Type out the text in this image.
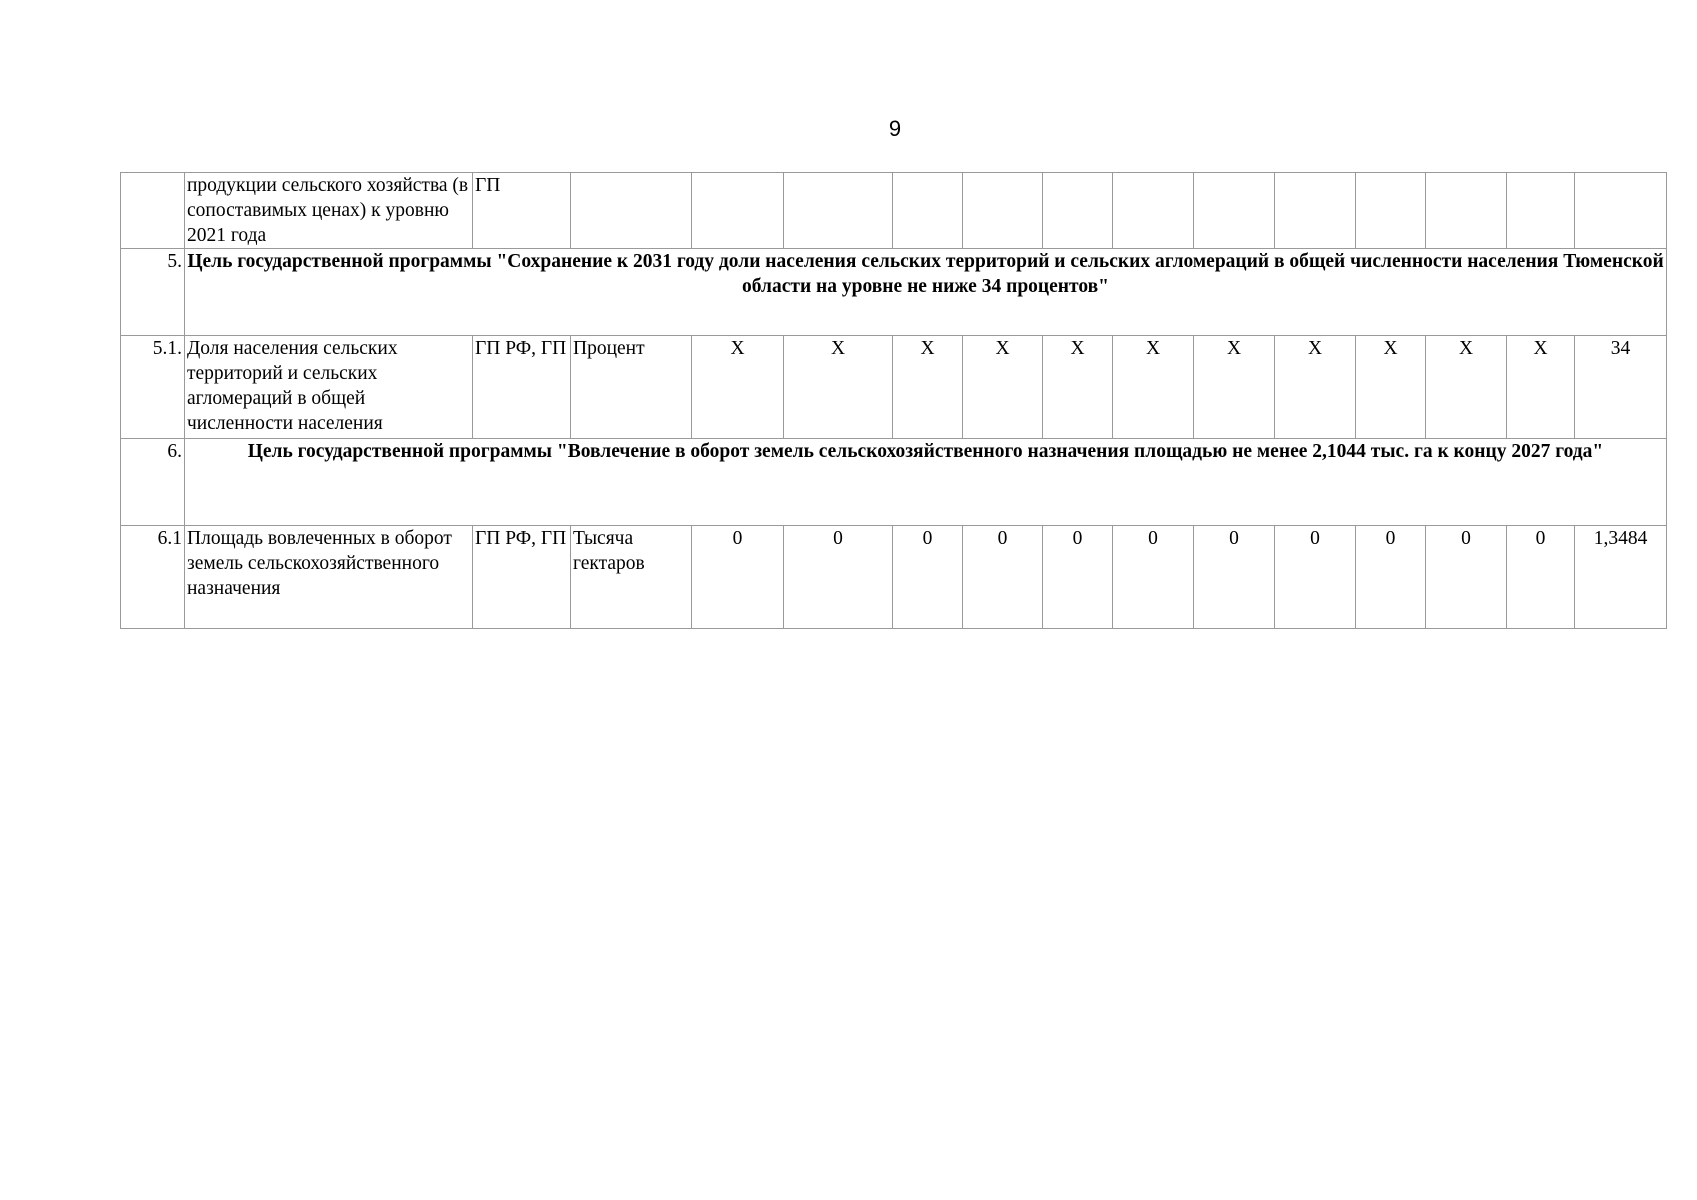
9
	продукции сельского хозяйства (в сопоставимых ценах) к уровню 2021 года	ГП													
5.	Цель государственной программы "Сохранение к 2031 году доли населения сельских территорий и сельских агломераций в общей численности населения Тюменской области на уровне не ниже 34 процентов"														
5.1.	Доля населения сельских территорий и сельских агломераций в общей численности населения	ГП РФ, ГП	Процент	X	X	X	X	X	X	X	X	X	X	X	34
6.	Цель государственной программы "Вовлечение в оборот земель сельскохозяйственного назначения площадью не менее 2,1044 тыс. га к концу 2027 года"														
6.1	Площадь вовлеченных в оборот земель сельскохозяйственного назначения	ГП РФ, ГП	Тысяча гектаров	0	0	0	0	0	0	0	0	0	0	0	1,3484
